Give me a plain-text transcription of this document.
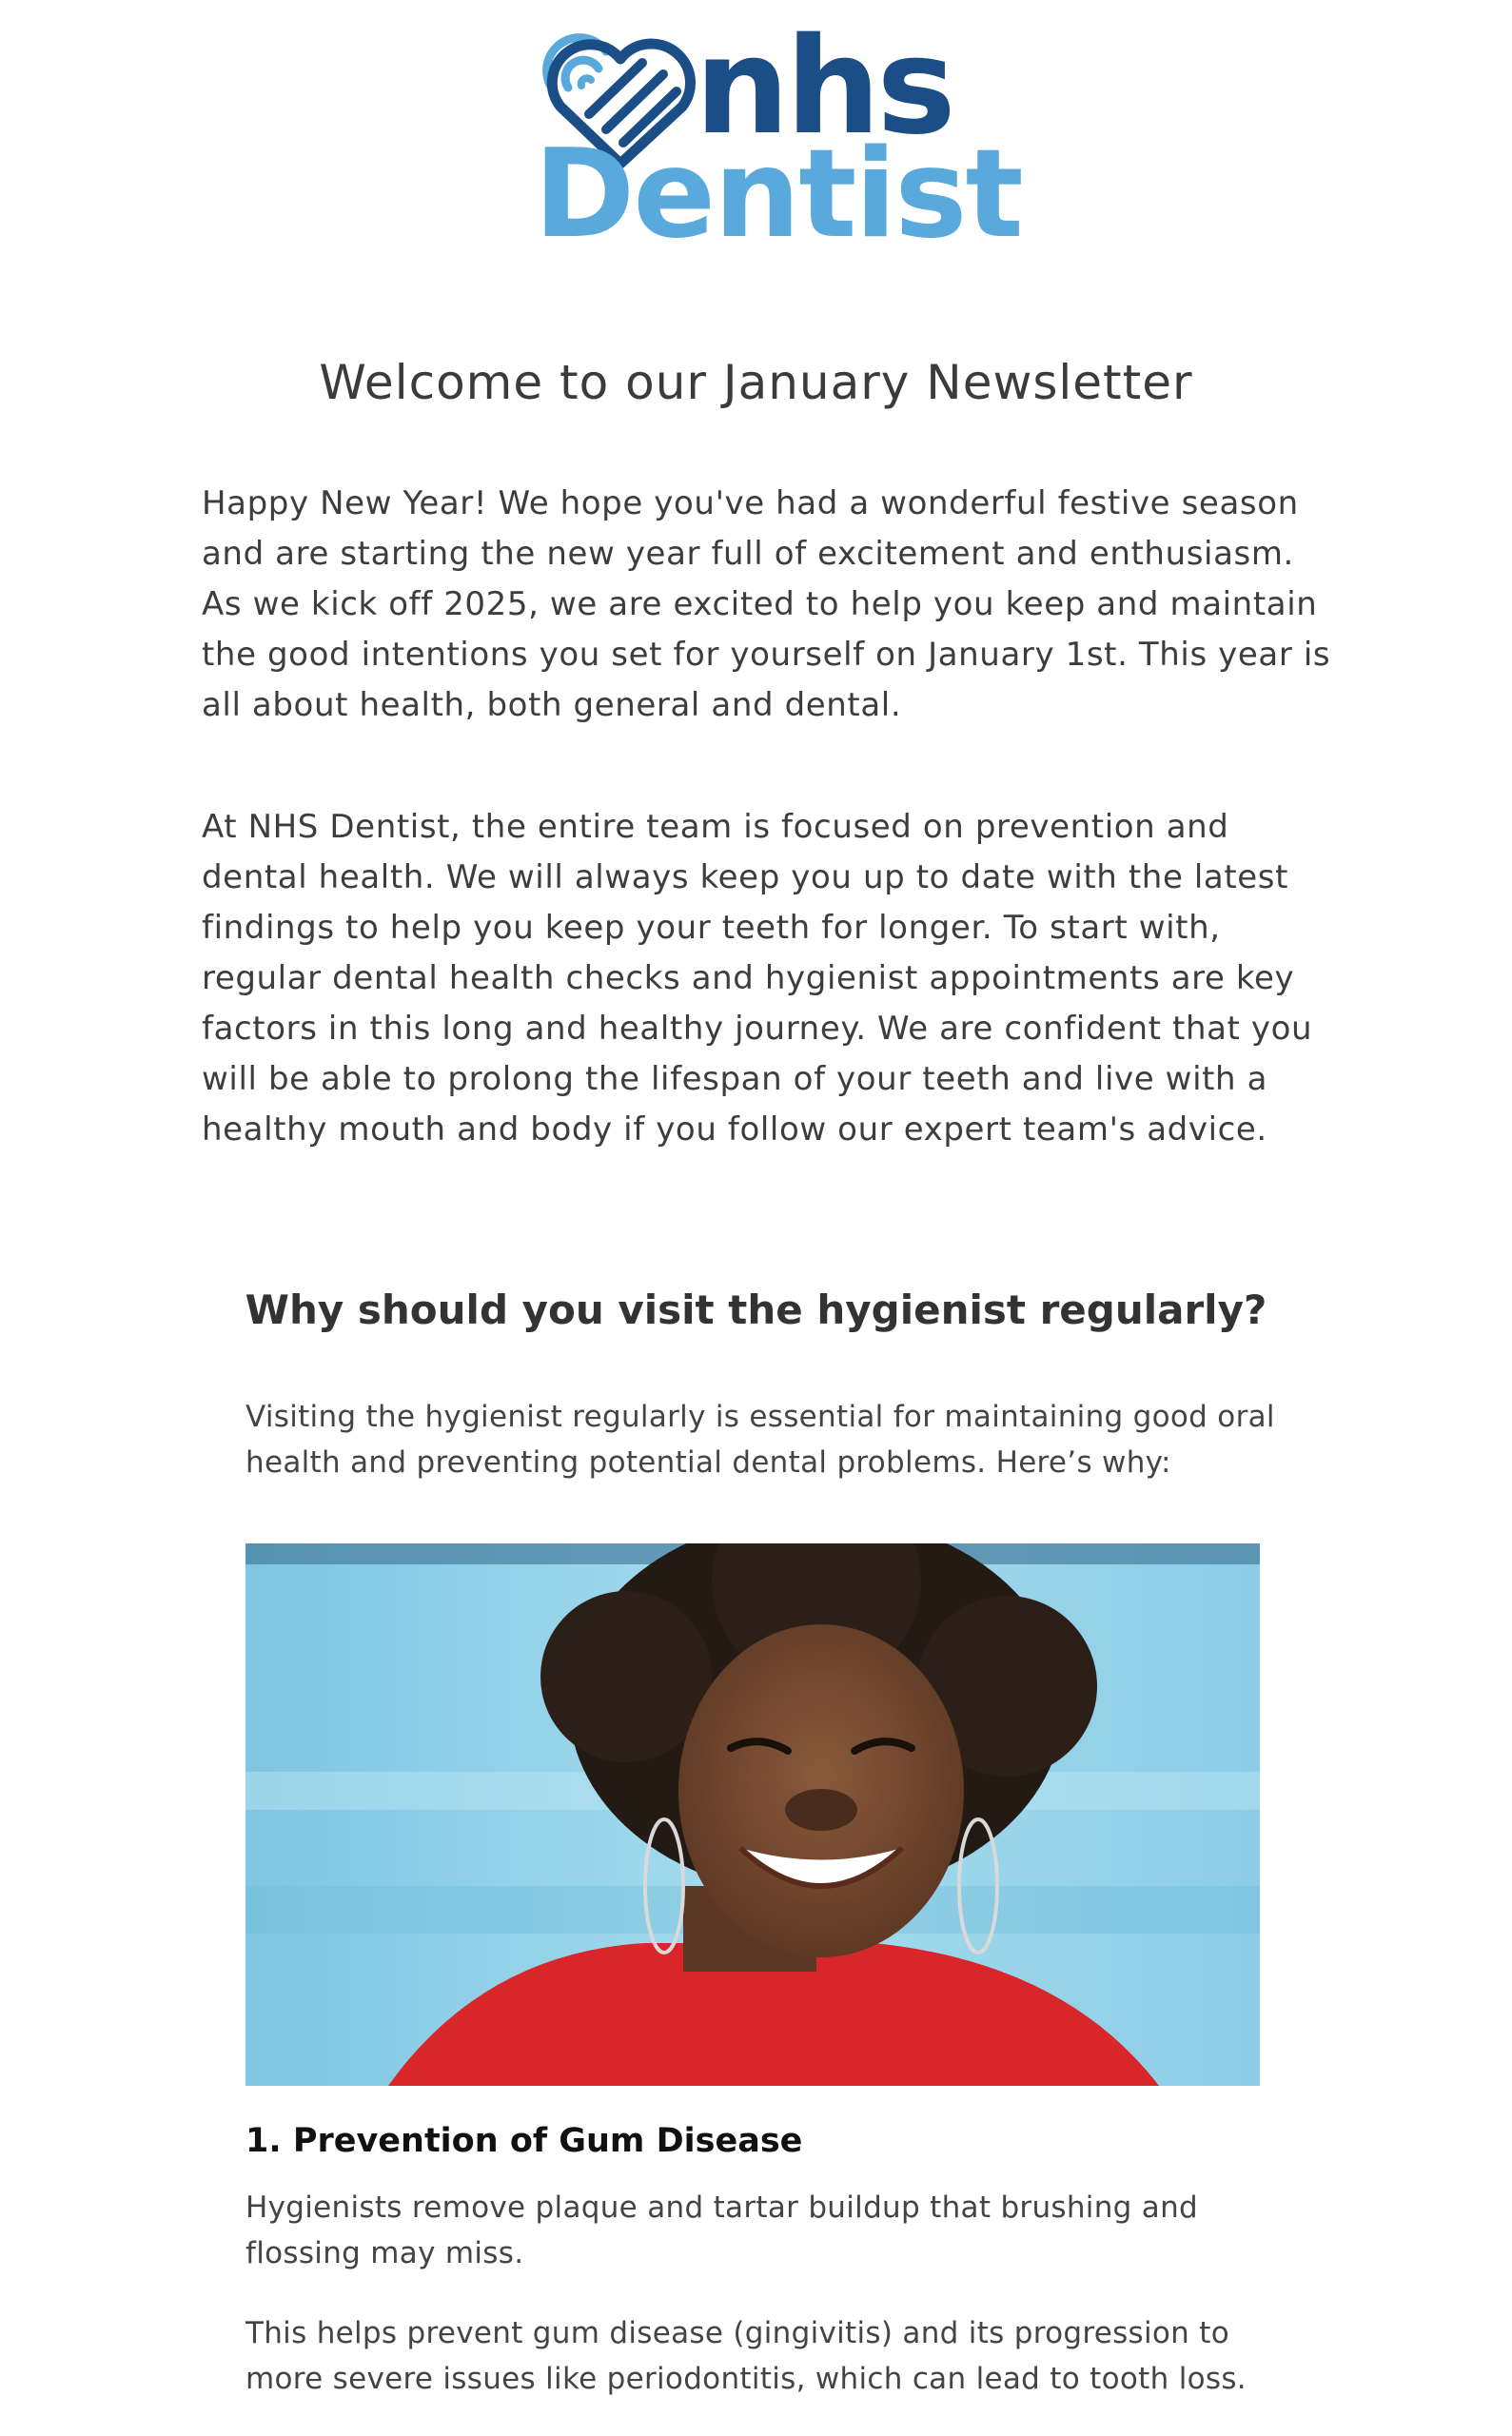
nhs
Dentist
Welcome to our January Newsletter

Happy New Year! We hope you've had a wonderful festive season and are starting the new year full of excitement and enthusiasm. As we kick off 2025, we are excited to help you keep and maintain the good intentions you set for yourself on January 1st. This year is all about health, both general and dental.

At NHS Dentist, the entire team is focused on prevention and dental health. We will always keep you up to date with the latest findings to help you keep your teeth for longer. To start with, regular dental health checks and hygienist appointments are key factors in this long and healthy journey. We are confident that you will be able to prolong the lifespan of your teeth and live with a healthy mouth and body if you follow our expert team's advice.

Why should you visit the hygienist regularly?

Visiting the hygienist regularly is essential for maintaining good oral health and preventing potential dental problems. Here’s why:

1. Prevention of Gum Disease

Hygienists remove plaque and tartar buildup that brushing and flossing may miss.

This helps prevent gum disease (gingivitis) and its progression to more severe issues like periodontitis, which can lead to tooth loss.
